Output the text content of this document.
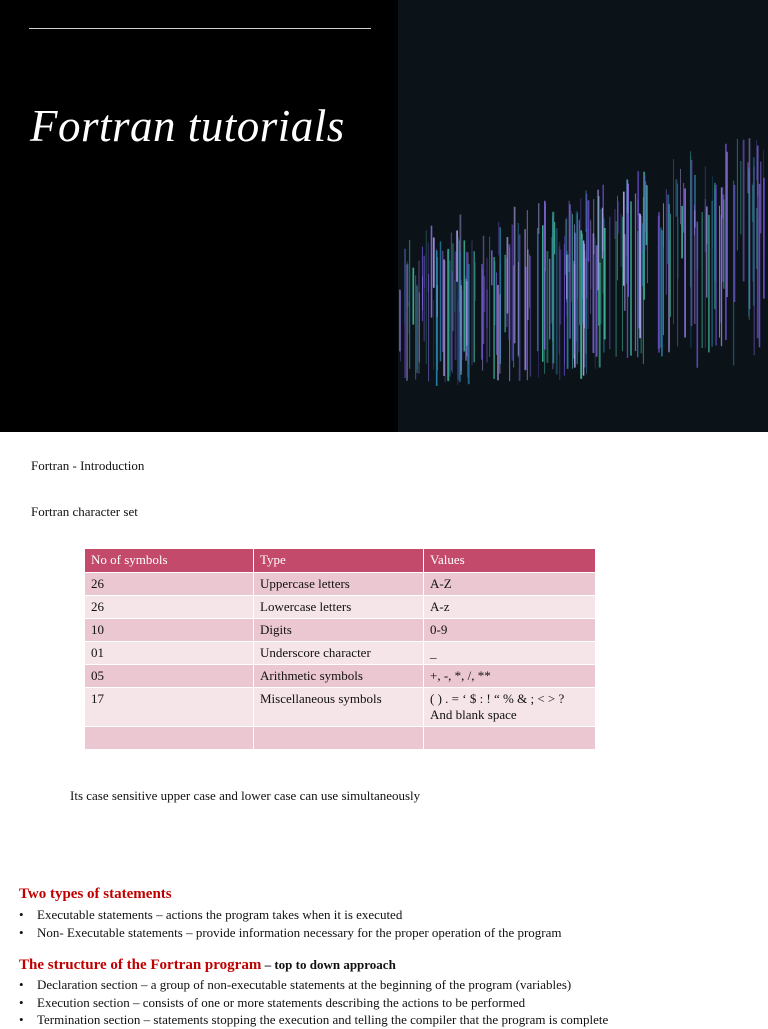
Fortran tutorials

Fortran - Introduction

Fortran character set

No of symbols	Type	Values
26	Uppercase letters	A-Z
26	Lowercase letters	A-z
10	Digits	0-9
01	Underscore character	_
05	Arithmetic symbols	+, -, *, /, **
17	Miscellaneous symbols	( ) . = ‘ $ : ! “ % & ; < > ?
And blank space

Its case sensitive upper case and lower case can use simultaneously

Two types of statements
• Executable statements – actions the program takes when it is executed
• Non- Executable statements – provide information necessary for the proper operation of the program
The structure of the Fortran program – top to down approach
• Declaration section – a group of non-executable statements at the beginning of the program (variables)
• Execution section – consists of one or more statements describing the actions to be performed
• Termination section – statements stopping the execution and telling the compiler that the program is complete
